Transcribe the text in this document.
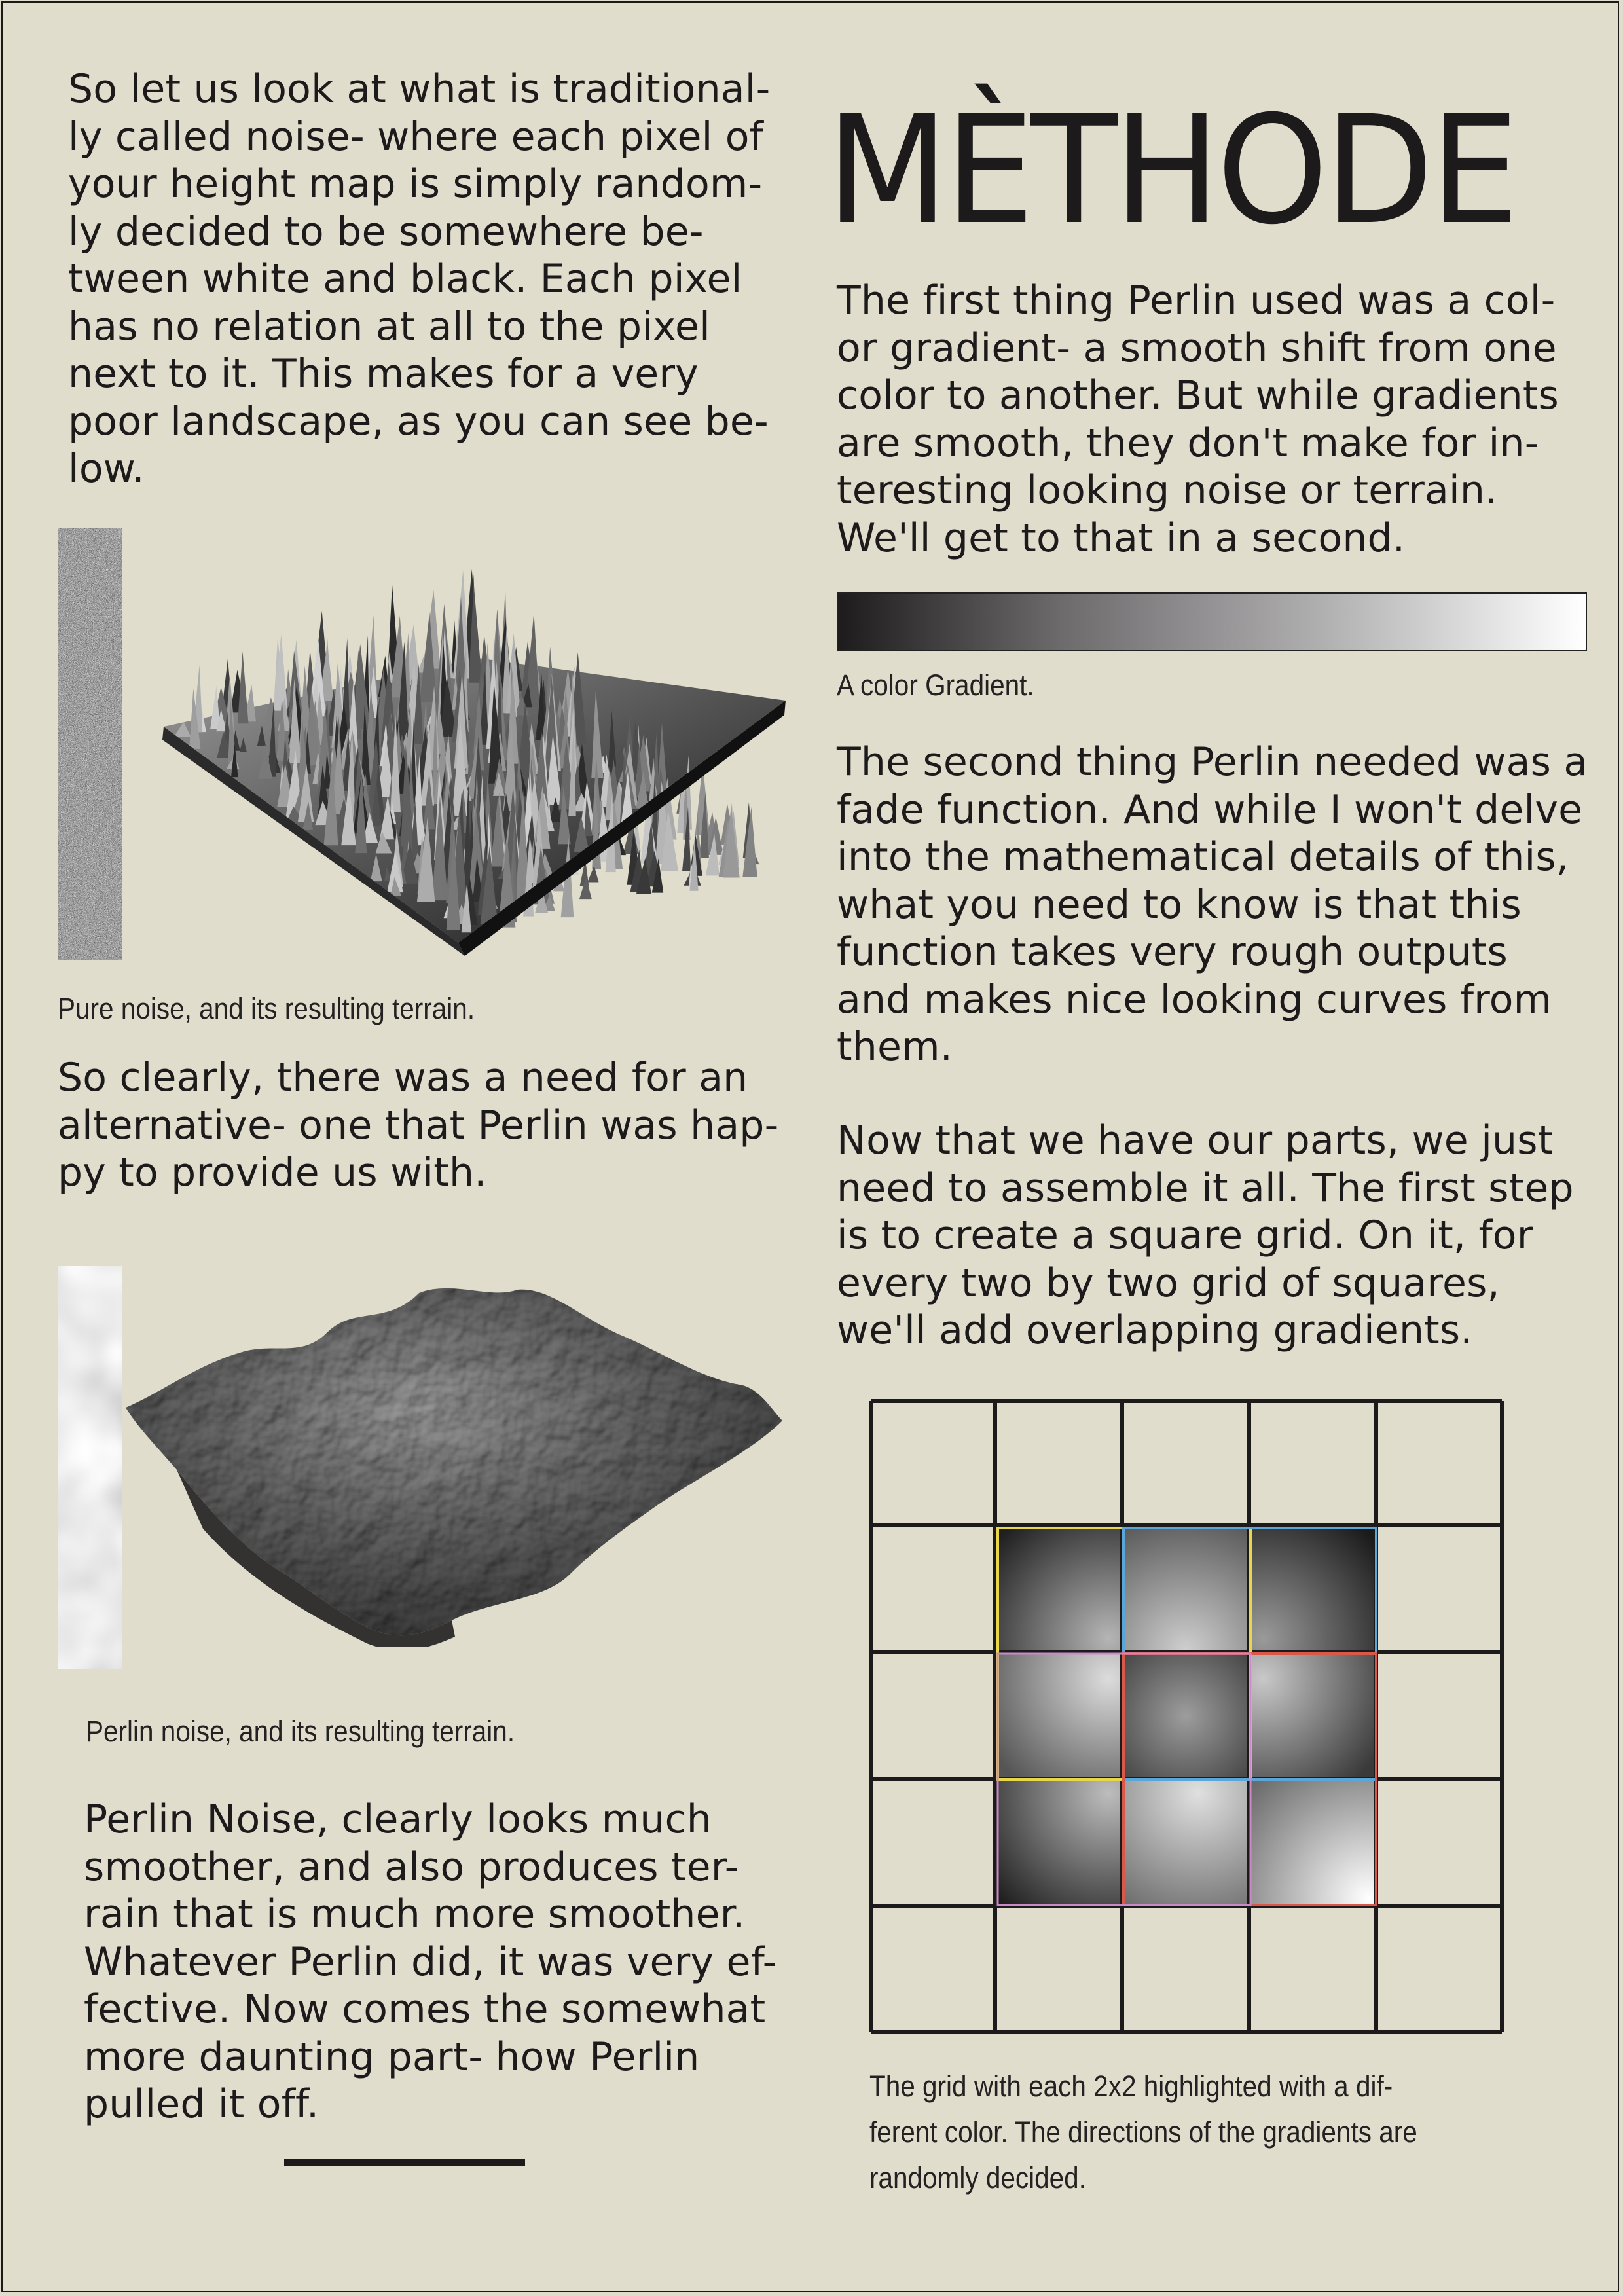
So let us look at what is traditional-
ly called noise- where each pixel of
your height map is simply random-
ly decided to be somewhere be-
tween white and black. Each pixel
has no relation at all to the pixel
next to it. This makes for a very
poor landscape, as you can see be-
low.

Pure noise, and its resulting terrain.

So clearly, there was a need for an
alternative- one that Perlin was hap-
py to provide us with.

Perlin noise, and its resulting terrain.

Perlin Noise, clearly looks much
smoother, and also produces ter-
rain that is much more smoother.
Whatever Perlin did, it was very ef-
fective. Now comes the somewhat
more daunting part- how Perlin
pulled it off.

MÈTHODE

The first thing Perlin used was a col-
or gradient- a smooth shift from one
color to another. But while gradients
are smooth, they don't make for in-
teresting looking noise or terrain.
We'll get to that in a second.

A color Gradient.

The second thing Perlin needed was a
fade function. And while I won't delve
into the mathematical details of this,
what you need to know is that this
function takes very rough outputs
and makes nice looking curves from
them.

Now that we have our parts, we just
need to assemble it all. The first step
is to create a square grid. On it, for
every two by two grid of squares,
we'll add overlapping gradients.

The grid with each 2x2 highlighted with a dif-
ferent color. The directions of the gradients are
randomly decided.
